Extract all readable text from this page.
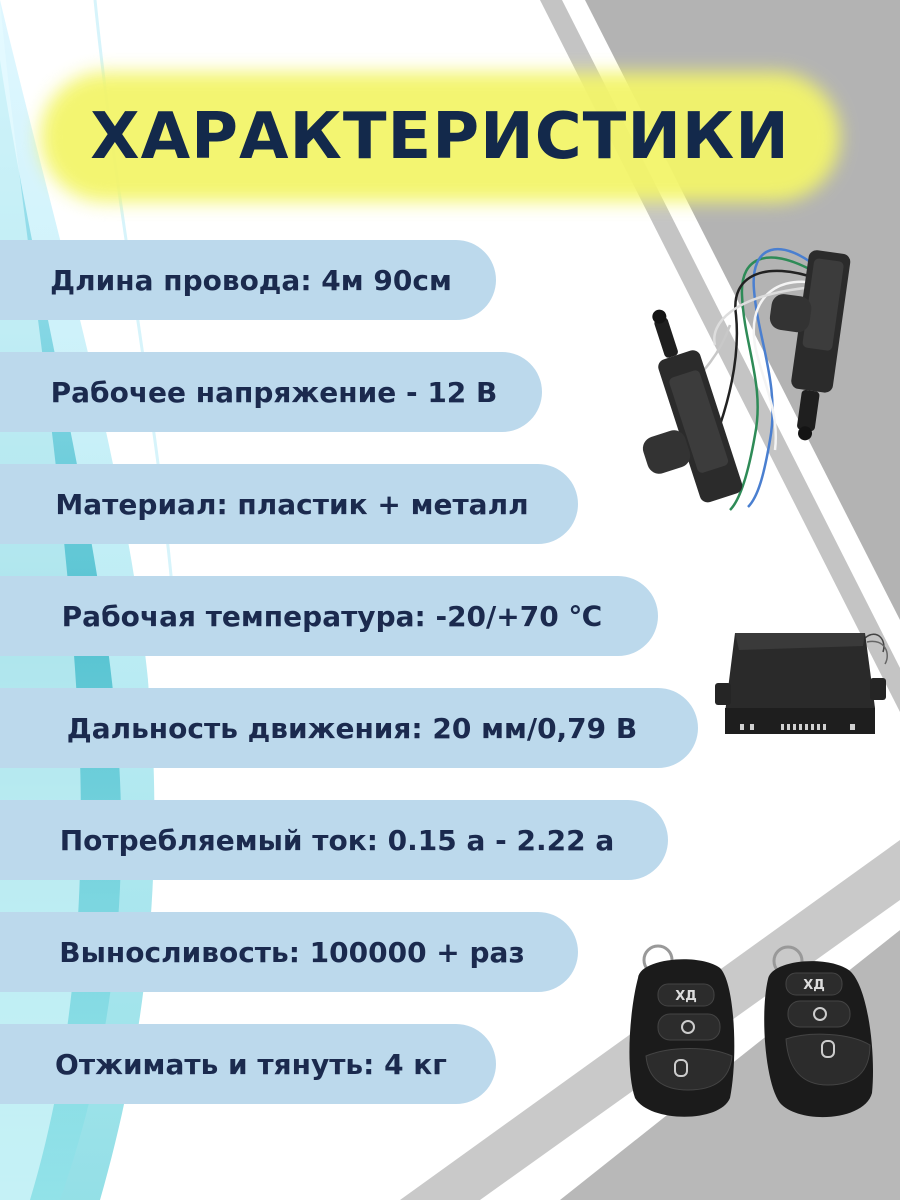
ХАРАКТЕРИСТИКИ
Длина провода: 4м 90см
Рабочее напряжение - 12 В
Материал: пластик + металл
Рабочая температура: -20/+70 ℃
Дальность движения: 20 мм/0,79 В
Потребляемый ток: 0.15 а - 2.22 а
Выносливость: 100000 + раз
Отжимать и тянуть: 4 кг
ХД
ХД
